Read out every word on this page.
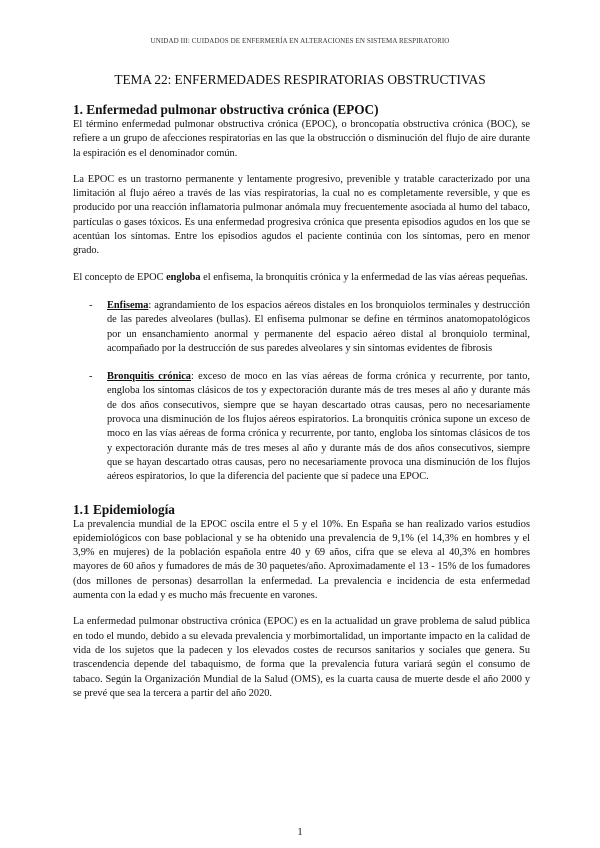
UNIDAD III: CUIDADOS DE ENFERMERÍA EN ALTERACIONES EN SISTEMA RESPIRATORIO
TEMA 22: ENFERMEDADES RESPIRATORIAS OBSTRUCTIVAS
1. Enfermedad pulmonar obstructiva crónica (EPOC)

El término enfermedad pulmonar obstructiva crónica (EPOC), o broncopatía obstructiva crónica (BOC), se refiere a un grupo de afecciones respiratorias en las que la obstrucción o disminución del flujo de aire durante la espiración es el denominador común.

La EPOC es un trastorno permanente y lentamente progresivo, prevenible y tratable caracterizado por una limitación al flujo aéreo a través de las vías respiratorias, la cual no es completamente reversible, y que es producido por una reacción inflamatoria pulmonar anómala muy frecuentemente asociada al humo del tabaco, partículas o gases tóxicos. Es una enfermedad progresiva crónica que presenta episodios agudos en los que se acentúan los síntomas. Entre los episodios agudos el paciente continúa con los síntomas, pero en menor grado.

El concepto de EPOC engloba el enfisema, la bronquitis crónica y la enfermedad de las vías aéreas pequeñas.

- Enfisema: agrandamiento de los espacios aéreos distales en los bronquiolos terminales y destrucción de las paredes alveolares (bullas). El enfisema pulmonar se define en términos anatomopatológicos por un ensanchamiento anormal y permanente del espacio aéreo distal al bronquiolo terminal, acompañado por la destrucción de sus paredes alveolares y sin síntomas evidentes de fibrosis

- Bronquitis crónica: exceso de moco en las vías aéreas de forma crónica y recurrente, por tanto, engloba los síntomas clásicos de tos y expectoración durante más de tres meses al año y durante más de dos años consecutivos, siempre que se hayan descartado otras causas, pero no necesariamente provoca una disminución de los flujos aéreos espiratorios. La bronquitis crónica supone un exceso de moco en las vías aéreas de forma crónica y recurrente, por tanto, engloba los síntomas clásicos de tos y expectoración durante más de tres meses al año y durante más de dos años consecutivos, siempre que se hayan descartado otras causas, pero no necesariamente provoca una disminución de los flujos aéreos espiratorios, lo que la diferencia del paciente que sí padece una EPOC.

1.1 Epidemiología

La prevalencia mundial de la EPOC oscila entre el 5 y el 10%. En España se han realizado varios estudios epidemiológicos con base poblacional y se ha obtenido una prevalencia de 9,1% (el 14,3% en hombres y el 3,9% en mujeres) de la población española entre 40 y 69 años, cifra que se eleva al 40,3% en hombres mayores de 60 años y fumadores de más de 30 paquetes/año. Aproximadamente el 13 - 15% de los fumadores (dos millones de personas) desarrollan la enfermedad. La prevalencia e incidencia de esta enfermedad aumenta con la edad y es mucho más frecuente en varones.

La enfermedad pulmonar obstructiva crónica (EPOC) es en la actualidad un grave problema de salud pública en todo el mundo, debido a su elevada prevalencia y morbimortalidad, un importante impacto en la calidad de vida de los sujetos que la padecen y los elevados costes de recursos sanitarios y sociales que genera. Su trascendencia depende del tabaquismo, de forma que la prevalencia futura variará según el consumo de tabaco. Según la Organización Mundial de la Salud (OMS), es la cuarta causa de muerte desde el año 2000 y se prevé que sea la tercera a partir del año 2020.

1
